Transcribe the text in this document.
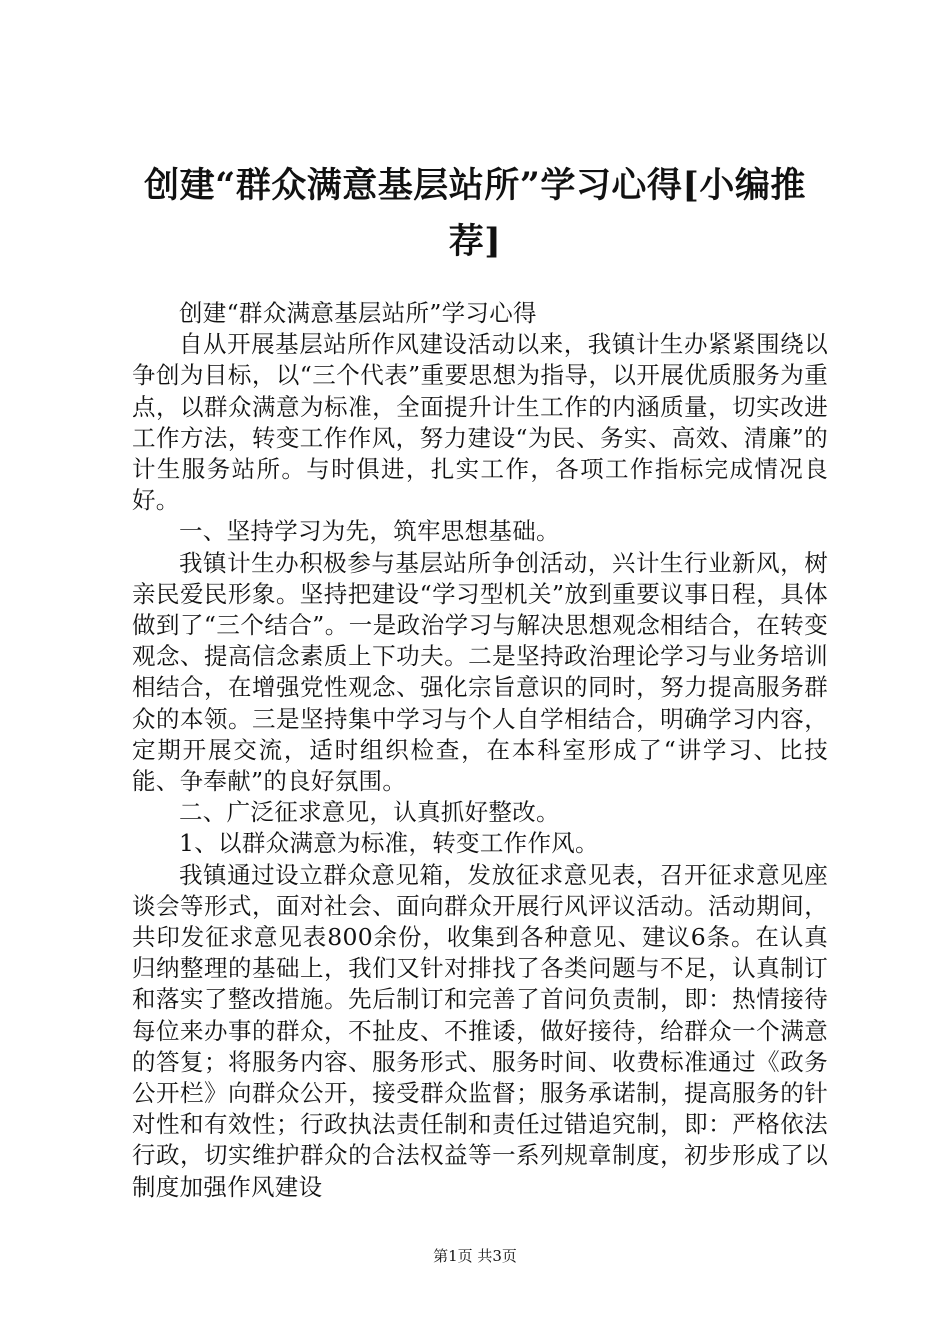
创建“群众满意基层站所”学习心得[小编推荐]

创建“群众满意基层站所”学习心得

自从开展基层站所作风建设活动以来，我镇计生办紧紧围绕以争创为目标，以“三个代表”重要思想为指导，以开展优质服务为重点，以群众满意为标准，全面提升计生工作的内涵质量，切实改进工作方法，转变工作作风，努力建设“为民、务实、高效、清廉”的计生服务站所。与时俱进，扎实工作，各项工作指标完成情况良好。

一、坚持学习为先，筑牢思想基础。

我镇计生办积极参与基层站所争创活动，兴计生行业新风，树亲民爱民形象。坚持把建设“学习型机关”放到重要议事日程，具体做到了“三个结合”。一是政治学习与解决思想观念相结合，在转变观念、提高信念素质上下功夫。二是坚持政治理论学习与业务培训相结合，在增强党性观念、强化宗旨意识的同时，努力提高服务群众的本领。三是坚持集中学习与个人自学相结合，明确学习内容，定期开展交流，适时组织检查，在本科室形成了“讲学习、比技能、争奉献”的良好氛围。

二、广泛征求意见，认真抓好整改。

1、以群众满意为标准，转变工作作风。

我镇通过设立群众意见箱，发放征求意见表，召开征求意见座谈会等形式，面对社会、面向群众开展行风评议活动。活动期间，共印发征求意见表800余份，收集到各种意见、建议6条。在认真归纳整理的基础上，我们又针对排找了各类问题与不足，认真制订和落实了整改措施。先后制订和完善了首问负责制，即：热情接待每位来办事的群众，不扯皮、不推诿，做好接待，给群众一个满意的答复；将服务内容、服务形式、服务时间、收费标准通过《政务公开栏》向群众公开，接受群众监督；服务承诺制，提高服务的针对性和有效性；行政执法责任制和责任过错追究制，即：严格依法行政，切实维护群众的合法权益等一系列规章制度，初步形成了以制度加强作风建设

第1页 共3页
